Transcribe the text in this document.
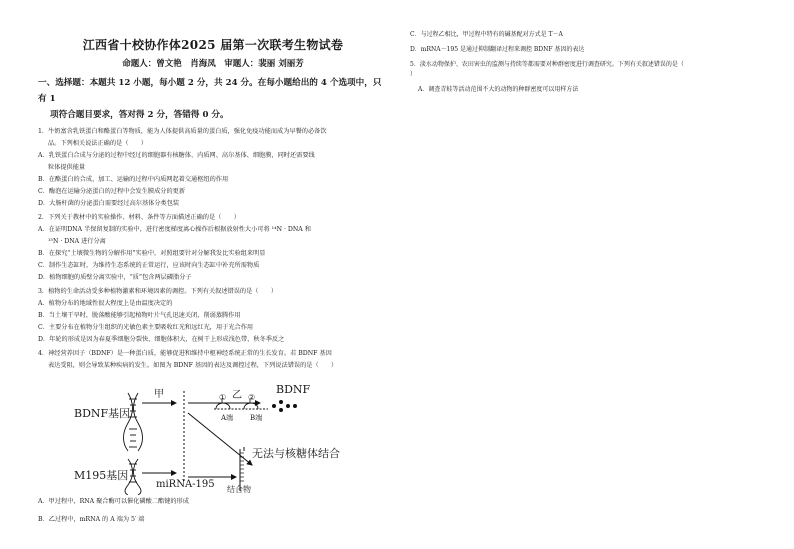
江西省十校协作体2025 届第一次联考生物试卷
命题人：曾文艳　肖海凤　审题人：裴丽 刘丽芳
一、选择题：本题共 12 小题，每小题 2 分，共 24 分。在每小题给出的 4 个选项中，只有 1
项符合题目要求，答对得 2 分，答错得 0 分。
1．牛奶富含乳铁蛋白和酪蛋白等物质，能为人体提供高质量的蛋白质，强化免疫功能而成为早餐的必备饮
品。下列相关说法正确的是（　　）
A．乳铁蛋白合成与分泌的过程中经过的细胞器有核糖体、内质网、高尔基体、细胞膜，同时还需要线
粒体提供能量
B．在酪蛋白的合成、加工、运输的过程中内质网起着交通枢纽的作用
C．酶泡在运输分泌蛋白的过程中会发生膜成分的更新
D．大肠杆菌的分泌蛋白需要经过高尔基体分类包装
2．下列关于教材中的实验操作、材料、条件等方面描述正确的是（　　）
A．在证明DNA 半保留复制的实验中，进行密度梯度离心操作后根据放射性大小可将 ¹⁴N · DNA 和
¹⁵N · DNA 进行分离
B．在探究“土壤微生物的分解作用”实验中，对照组要针对分解我发比实验组来明显
C．制作生态缸时，为维持生态系统的正常运行，应该时向生态缸中补充所需物质
D．植物细胞的质壁分离实验中，“质”包含两层磷脂分子
3．植物的生命活动受多种植物激素和环境因素的调控。下列有关叙述错误的是（　　）
A．植物分布的地域性很大程度上是由温度决定的
B．当土壤干旱时，脱落酸能够引起植物叶片气孔迅速关闭，削弱蒸腾作用
C．主要分布在植物分生组织的光敏色素主要吸收红光和远红光，用于光合作用
D．年轮的形成是因为春夏季细胞分裂快、细胞体积大，在树干上形成浅色带，秋冬季反之
4．神经营养因子（BDNF）是一种蛋白质，能够促进和维持中枢神经系统正常的生长发育。若 BDNF 基因
表达受阻，则会导致某种疾病的发生。如图为 BDNF 基因的表达及调控过程，下列说法错误的是（　　）
BDNF基因
M195基因
甲	乙
①	②
A端 B端
BDNF
miRNA-195 结合物
无法与核糖体结合
A．甲过程中，RNA 聚合酶可以催化磷酸二酯键的形成
B．乙过程中，mRNA 的 A 端为 5′ 端
C．与过程乙相比，甲过程中特有的碱基配对方式是 T－A
D．mRNA－195 是通过抑制翻译过程来调控 BDNF 基因的表达
5．淡水动物保护、农田害虫的监测与持续等都需要对种群密度进行调查研究。下列有关叙述错误的是（
）
A．调查青蛙等活动范围不大的动物的种群密度可以用样方法
